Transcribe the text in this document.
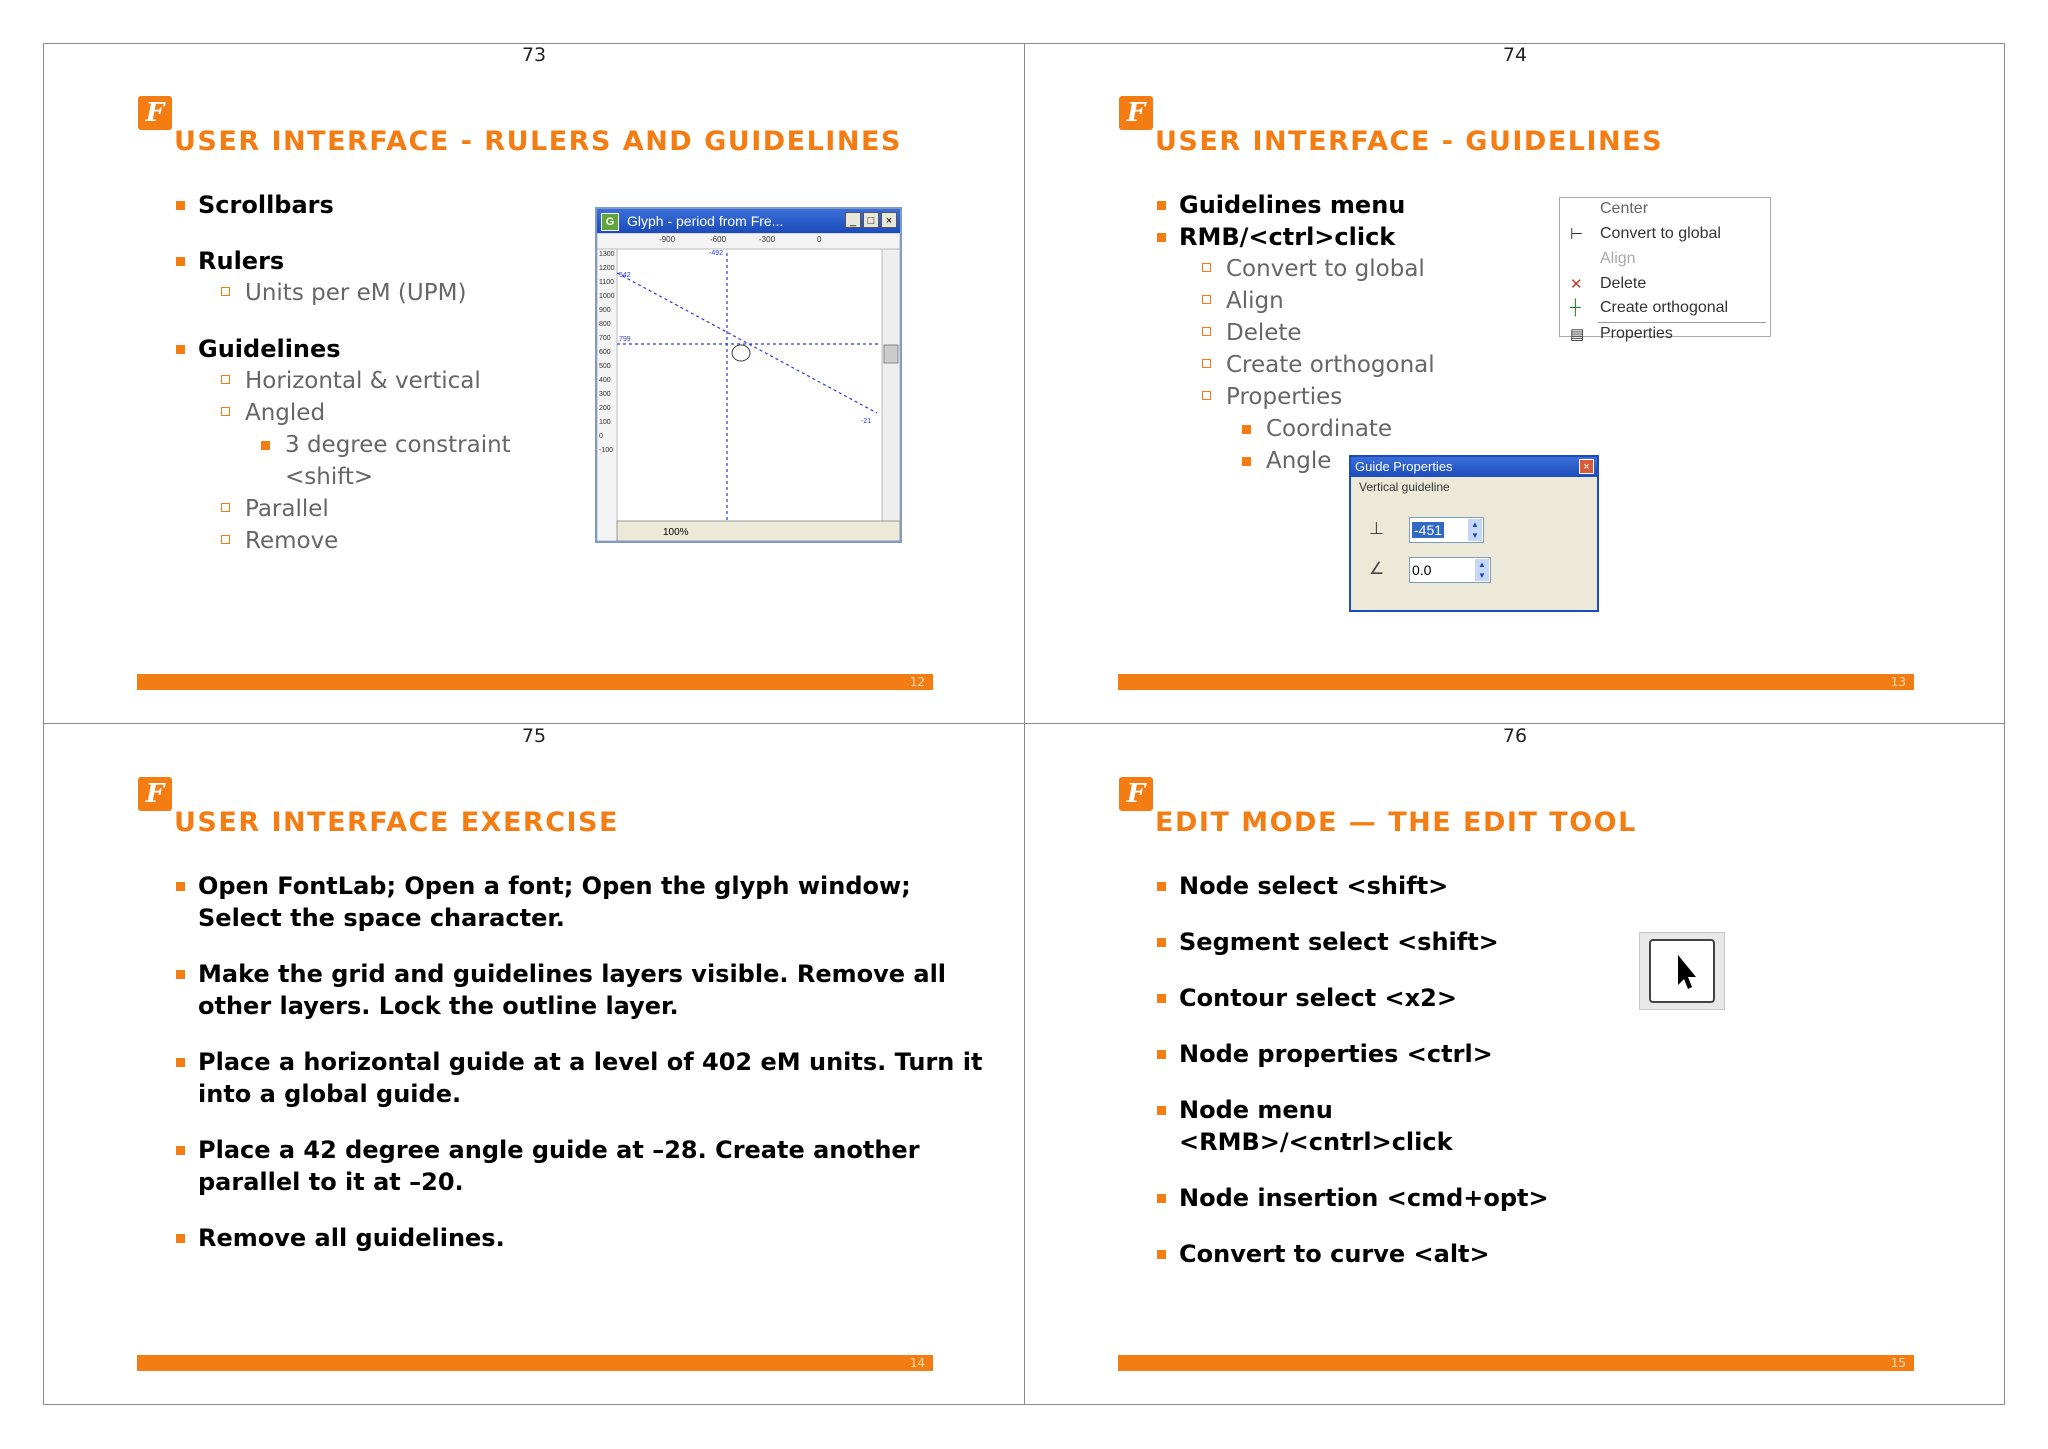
73
F
USER INTERFACE - RULERS AND GUIDELINES
Scrollbars
Rulers
Units per eM (UPM)
Guidelines
Horizontal & vertical
Angled
3 degree constraint
<shift>
Parallel
Remove
G Glyph - period from Fre...	_	□	×
-900	-600	-300	0
1300
1200
1100
1000
900
800
700
600
500
400
300
200
100
0
-100
-492
542
799
-21
100%
12
74
F
USER INTERFACE - GUIDELINES
Guidelines menu
RMB/<ctrl>click
Convert to global
Align
Delete
Create orthogonal
Properties
Coordinate
Angle
Center
⊢ Convert to global
Align
✕ Delete
┼ Create orthogonal
▤ Properties
Guide Properties	×
Vertical guideline
⊥	-451	▲
▼
∠ 0.0	▲
▼
13
75
F
USER INTERFACE EXERCISE
Open FontLab; Open a font; Open the glyph window;
Select the space character.
Make the grid and guidelines layers visible. Remove all
other layers. Lock the outline layer.
Place a horizontal guide at a level of 402 eM units. Turn it
into a global guide.
Place a 42 degree angle guide at –28. Create another
parallel to it at –20.
Remove all guidelines.
14
76
F
EDIT MODE — THE EDIT TOOL
Node select <shift>
Segment select <shift>
Contour select <x2>
Node properties <ctrl>
Node menu
<RMB>/<cntrl>click
Node insertion <cmd+opt>
Convert to curve <alt>
15
